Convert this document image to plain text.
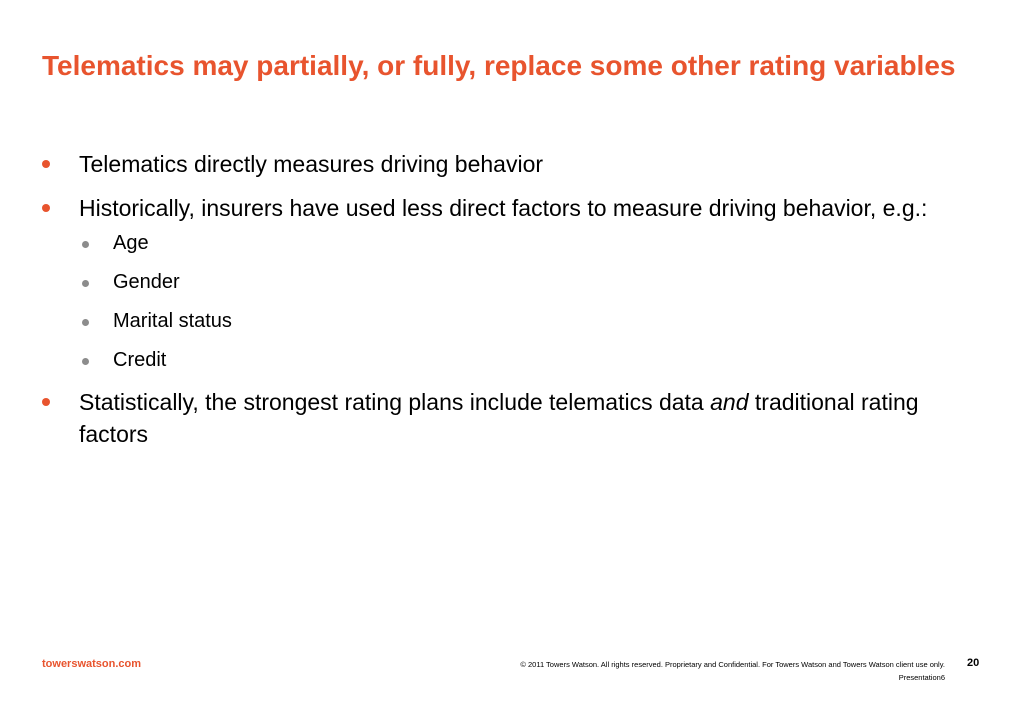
Telematics may partially, or fully, replace some other rating variables
Telematics directly measures driving behavior
Historically, insurers have used less direct factors to measure driving behavior, e.g.:
Age
Gender
Marital status
Credit
Statistically, the strongest rating plans include telematics data and traditional rating factors
towerswatson.com	© 2011 Towers Watson. All rights reserved. Proprietary and Confidential. For Towers Watson and Towers Watson client use only.
Presentation6
20
